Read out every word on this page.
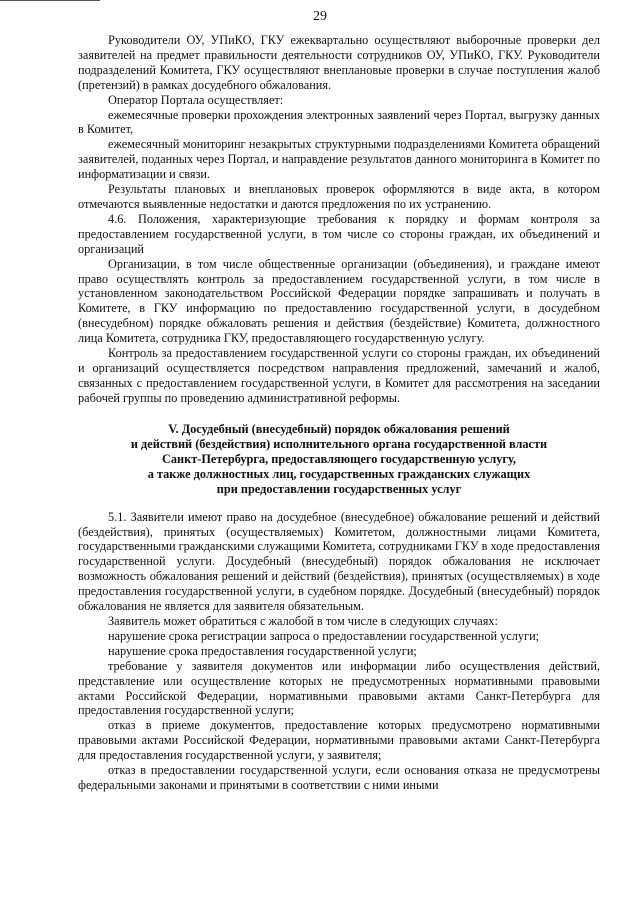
29

Руководители ОУ, УПиКО, ГКУ ежеквартально осуществляют выборочные проверки дел заявителей на предмет правильности деятельности сотрудников ОУ, УПиКО, ГКУ. Руководители подразделений Комитета, ГКУ осуществляют внеплановые проверки в случае поступления жалоб (претензий) в рамках досудебного обжалования.

Оператор Портала осуществляет:

ежемесячные проверки прохождения электронных заявлений через Портал, выгрузку данных в Комитет,

ежемесячный мониторинг незакрытых структурными подразделениями Комитета обращений заявителей, поданных через Портал, и направдение результатов данного мониторинга в Комитет по информатизации и связи.

Результаты плановых и внеплановых проверок оформляются в виде акта, в котором отмечаются выявленные недостатки и даются предложения по их устранению.

4.6. Положения, характеризующие требования к порядку и формам контроля за предоставлением государственной услуги, в том числе со стороны граждан, их объединений и организаций

Организации, в том числе общественные организации (объединения), и граждане имеют право осуществлять контроль за предоставлением государственной услуги, в том числе в установленном законодательством Российской Федерации порядке запрашивать и получать в Комитете, в ГКУ информацию по предоставлению государственной услуги, в досудебном (внесудебном) порядке обжаловать решения и действия (бездействие) Комитета, должностного лица Комитета, сотрудника ГКУ, предоставляющего государственную услугу.

Контроль за предоставлением государственной услуги со стороны граждан, их объединений и организаций осуществляется посредством направления предложений, замечаний и жалоб, связанных с предоставлением государственной услуги, в Комитет для рассмотрения на заседании рабочей группы по проведению административной реформы.

V. Досудебный (внесудебный) порядок обжалования решений
и действий (бездействия) исполнительного органа государственной власти
Санкт-Петербурга, предоставляющего государственную услугу,
а также должностных лиц, государственных гражданских служащих
при предоставлении государственных услуг

5.1. Заявители имеют право на досудебное (внесудебное) обжалование решений и действий (бездействия), принятых (осуществляемых) Комитетом, должностными лицами Комитета, государственными гражданскими служащими Комитета, сотрудниками ГКУ в ходе предоставления государственной услуги. Досудебный (внесудебный) порядок обжалования не исключает возможность обжалования решений и действий (бездействия), принятых (осуществляемых) в ходе предоставления государственной услуги, в судебном порядке. Досудебный (внесудебный) порядок обжалования не является для заявителя обязательным.

Заявитель может обратиться с жалобой в том числе в следующих случаях:

нарушение срока регистрации запроса о предоставлении государственной услуги;

нарушение срока предоставления государственной услуги;

требование у заявителя документов или информации либо осуществления действий, представление или осуществление которых не предусмотренных нормативными правовыми актами Российской Федерации, нормативными правовыми актами Санкт-Петербурга для предоставления государственной услуги;

отказ в приеме документов, предоставление которых предусмотрено нормативными правовыми актами Российской Федерации, нормативными правовыми актами Санкт-Петербурга для предоставления государственной услуги, у заявителя;

отказ в предоставлении государственной услуги, если основания отказа не предусмотрены федеральными законами и принятыми в соответствии с ними иными
